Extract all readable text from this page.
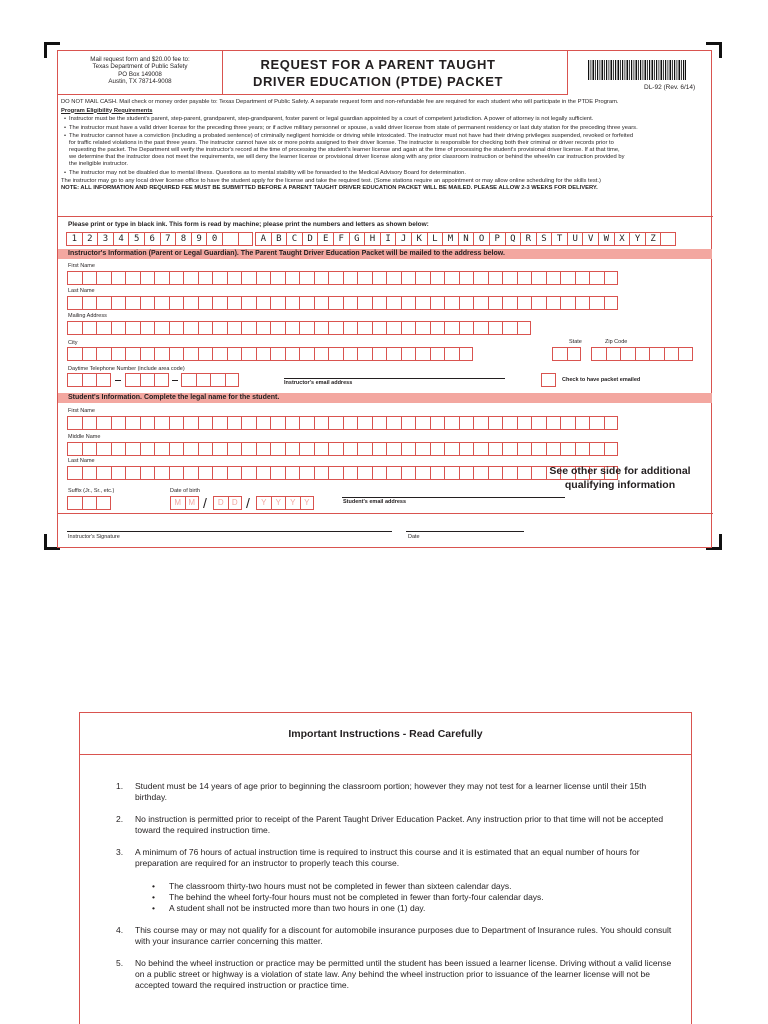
Mail request form and $20.00 fee to:
Texas Department of Public Safety
PO Box 149008
Austin, TX 78714-9008
REQUEST FOR A PARENT TAUGHT
DRIVER EDUCATION (PTDE) PACKET	DL-92 (Rev. 6/14)

DO NOT MAIL CASH. Mail check or money order payable to: Texas Department of Public Safety. A separate request form and non-refundable fee are required for each student who will participate in the PTDE Program.

Program Eligibility Requirements

• Instructor must be the student's parent, step-parent, grandparent, step-grandparent, foster parent or legal guardian appointed by a court of competent jurisdiction. A power of attorney is not legally sufficient.

• The instructor must have a valid driver license for the preceding three years; or if active military personnel or spouse, a valid driver license from state of permanent residency or last duty station for the preceding three years.

• The instructor cannot have a conviction (including a probated sentence) of criminally negligent homicide or driving while intoxicated. The instructor must not have had their driving privileges suspended, revoked or forfeited
for traffic related violations in the past three years. The instructor cannot have six or more points assigned to their driver license. The instructor is responsible for checking both their criminal or driver records prior to
requesting the packet. The Department will verify the instructor's record at the time of processing the student's learner license and again at the time of processing the student's provisional driver license. If at that time,
we determine that the instructor does not meet the requirements, we will deny the learner license or provisional driver license along with any prior classroom instruction or behind the wheel/in car instruction provided by

the ineligible instructor.

• The instructor may not be disabled due to mental illness. Questions as to mental stability will be forwarded to the Medical Advisory Board for determination.

The instructor may go to any local driver license office to have the student apply for the license and take the required test. (Some stations require an appointment or may allow online scheduling for the skills test.)
NOTE: ALL INFORMATION AND REQUIRED FEE MUST BE SUBMITTED BEFORE A PARENT TAUGHT DRIVER EDUCATION PACKET WILL BE MAILED. PLEASE ALLOW 2-3 WEEKS FOR DELIVERY.
Please print or type in black ink. This form is read by machine; please print the numbers and letters as shown below:
1	2	3	4	5	6	7	8	9	0	A	B	C	D	E	F	G	H	I	J	K	L	M	N	O	P	Q	R	S	T	U	V	W	X	Y	Z
Instructor's Information (Parent or Legal Guardian). The Parent Taught Driver Education Packet will be mailed to the address below.
First Name
Last Name
Mailing Address
City	State	Zip Code
Daytime Telephone Number (include area code)
Instructor's email address	Check to have packet emailed
Student's Information. Complete the legal name for the student.
First Name
Middle Name
Last Name
Suffix (Jr., Sr., etc.)	Date of birth
M M /	D	D /	Y	Y	Y	Y	Student's email address
Instructor's Signature	Date
See other side for additional
qualifying information
Important Instructions - Read Carefully
1. Student must be 14 years of age prior to beginning the classroom portion; however they may not test for a learner license until their 15th birthday.
2. No instruction is permitted prior to receipt of the Parent Taught Driver Education Packet. Any instruction prior to that time will not be accepted toward the required instruction time.
3. A minimum of 76 hours of actual instruction time is required to instruct this course and it is estimated that an equal number of hours for preparation are required for an instructor to properly teach this course.
• The classroom thirty-two hours must not be completed in fewer than sixteen calendar days.
• The behind the wheel forty-four hours must not be completed in fewer than forty-four calendar days.
• A student shall not be instructed more than two hours in one (1) day.
4. This course may or may not qualify for a discount for automobile insurance purposes due to Department of Insurance rules. You should consult with your insurance carrier concerning this matter.
5. No behind the wheel instruction or practice may be permitted until the student has been issued a learner license. Driving without a valid license on a public street or highway is a violation of state law. Any behind the wheel instruction prior to issuance of the learner license will not be accepted toward the required instruction or practice time.
